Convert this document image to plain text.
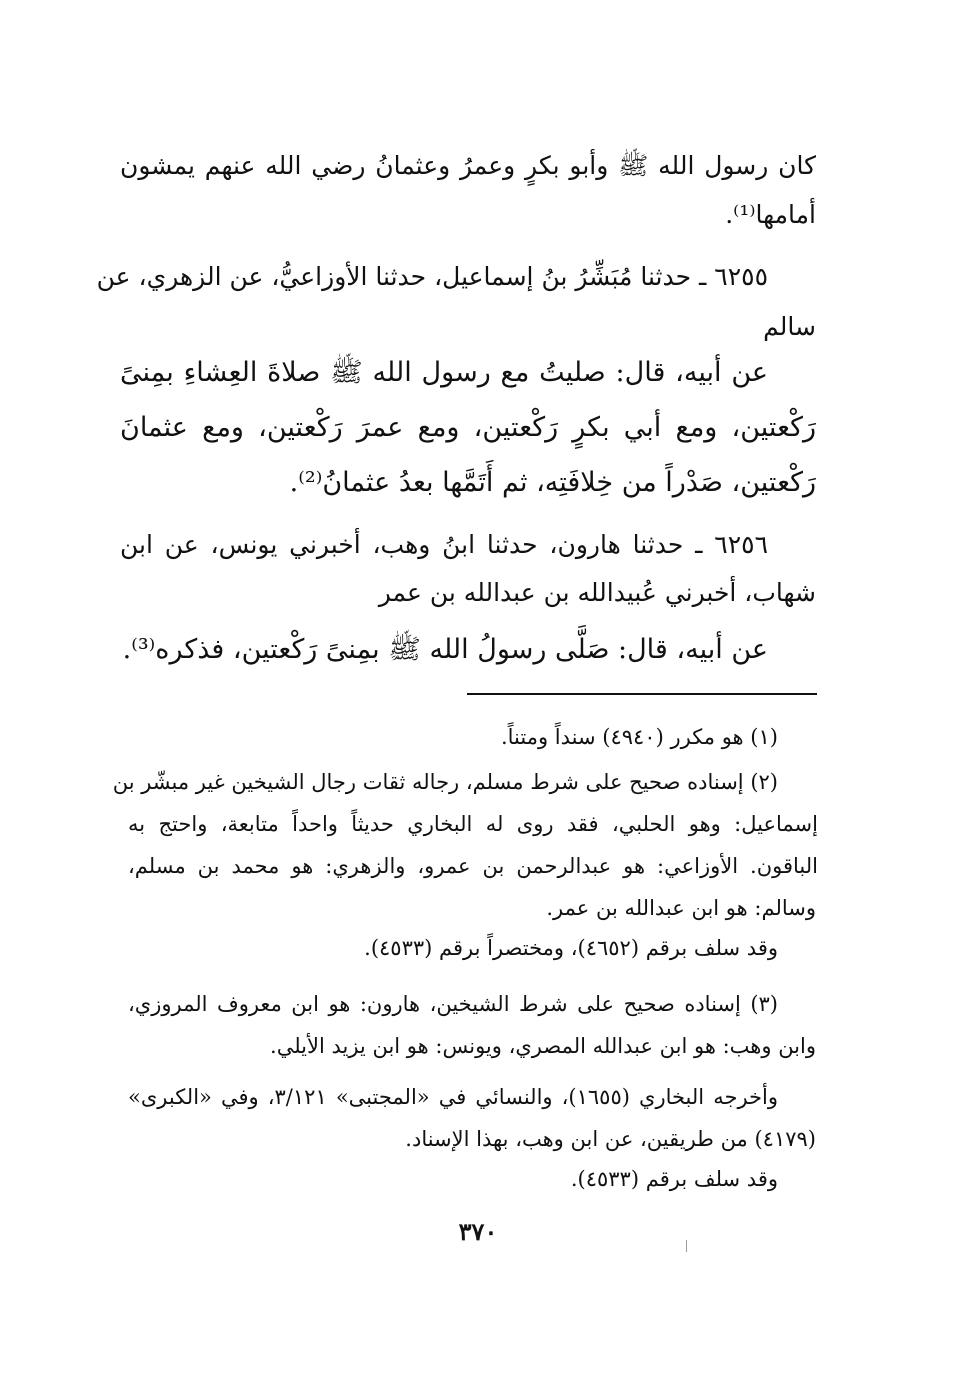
كان رسول الله ﷺ وأبو بكرٍ وعمرُ وعثمانُ رضي الله عنهم يمشون

أمامها⁽¹⁾.

٦٢٥٥ ـ حدثنا مُبَشِّرُ بنُ إسماعيل، حدثنا الأوزاعيُّ، عن الزهري، عن

سالم

عن أبيه، قال: صليتُ مع رسول الله ﷺ صلاةَ العِشاءِ بمِنىً

رَكْعتين، ومع أبي بكرٍ رَكْعتين، ومع عمرَ رَكْعتين، ومع عثمانَ

رَكْعتين، صَدْراً من خِلافَتِه، ثم أَتَمَّها بعدُ عثمانُ⁽²⁾.

٦٢٥٦ ـ حدثنا هارون، حدثنا ابنُ وهب، أخبرني يونس، عن ابن

شهاب، أخبرني عُبيدالله بن عبدالله بن عمر

عن أبيه، قال: صَلَّى رسولُ الله ﷺ بمِنىً رَكْعتين، فذكره⁽³⁾.

(١) هو مكرر (٤٩٤٠) سنداً ومتناً.

(٢) إسناده صحيح على شرط مسلم، رجاله ثقات رجال الشيخين غير مبشّر بن

إسماعيل: وهو الحلبي، فقد روى له البخاري حديثاً واحداً متابعة، واحتج به

الباقون. الأوزاعي: هو عبدالرحمن بن عمرو، والزهري: هو محمد بن مسلم،

وسالم: هو ابن عبدالله بن عمر.

وقد سلف برقم (٤٦٥٢)، ومختصراً برقم (٤٥٣٣).

(٣) إسناده صحيح على شرط الشيخين، هارون: هو ابن معروف المروزي،

وابن وهب: هو ابن عبدالله المصري، ويونس: هو ابن يزيد الأيلي.

وأخرجه البخاري (١٦٥٥)، والنسائي في «المجتبى» ٣/١٢١، وفي «الكبرى»

(٤١٧٩) من طريقين، عن ابن وهب، بهذا الإسناد.

وقد سلف برقم (٤٥٣٣).

٣٧٠
